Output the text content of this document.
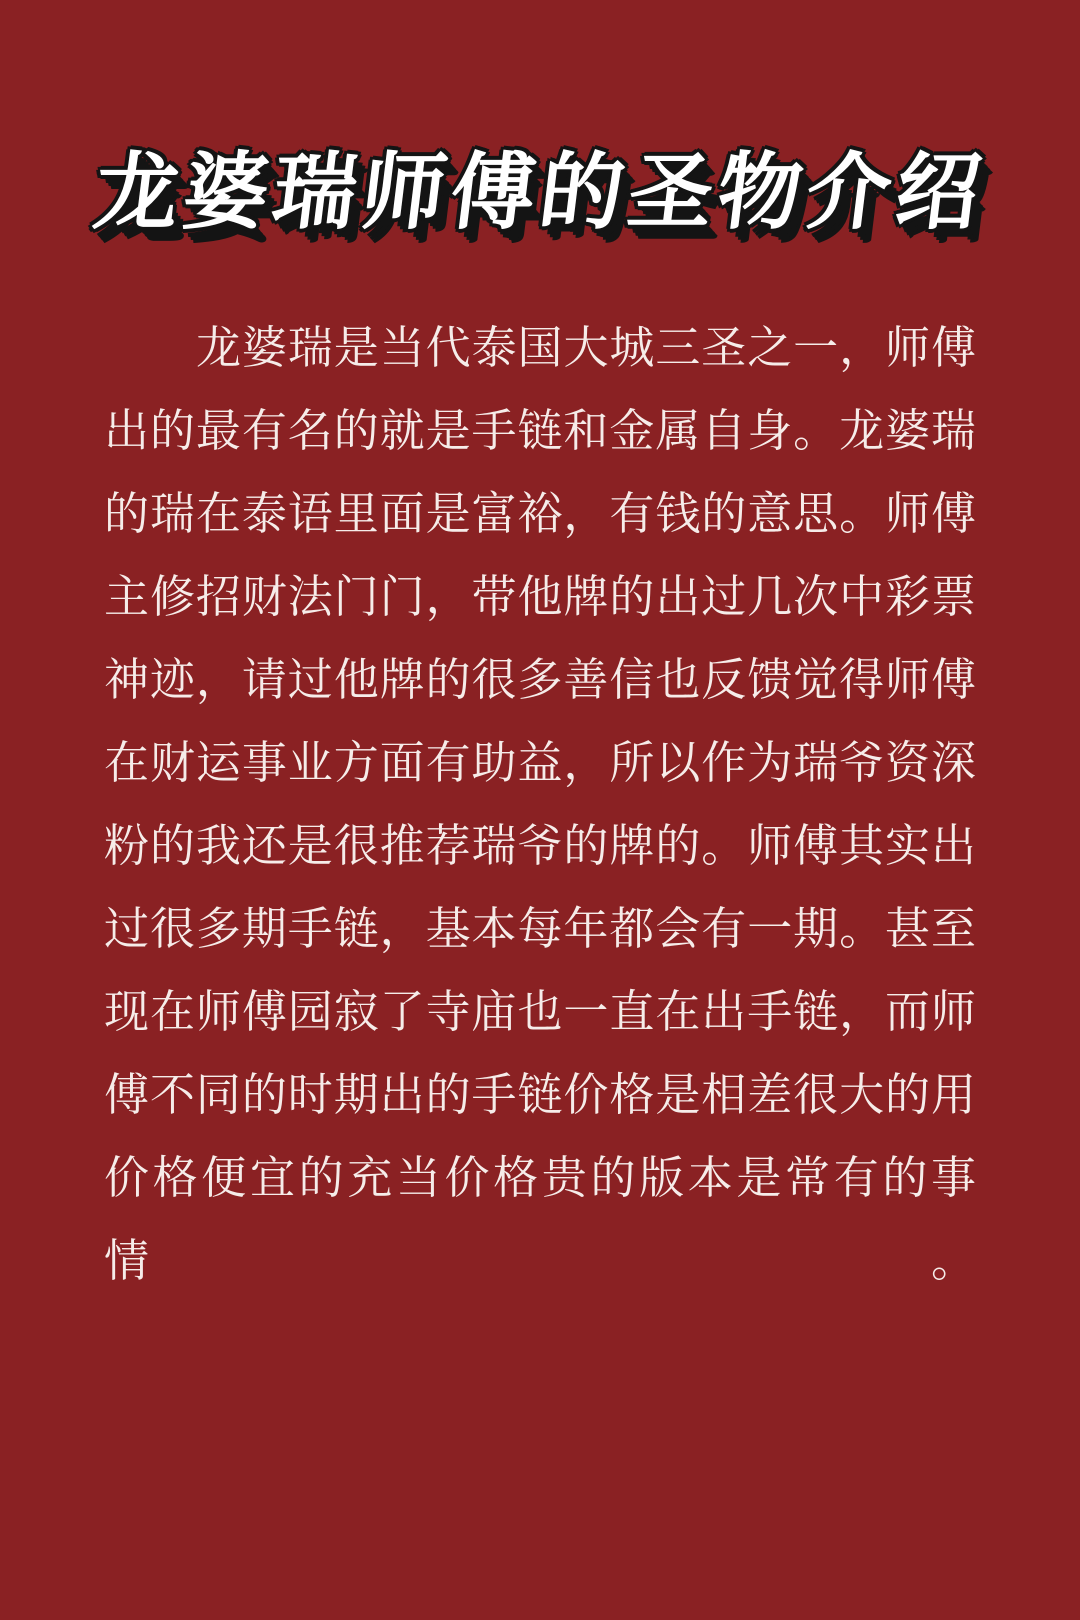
龙婆瑞师傅的圣物介绍
龙婆瑞是当代泰国大城三圣之一，师傅
出的最有名的就是手链和金属自身。龙婆瑞
的瑞在泰语里面是富裕，有钱的意思。师傅
主修招财法门门，带他牌的出过几次中彩票
神迹，请过他牌的很多善信也反馈觉得师傅
在财运事业方面有助益，所以作为瑞爷资深
粉的我还是很推荐瑞爷的牌的。师傅其实出
过很多期手链，基本每年都会有一期。甚至
现在师傅园寂了寺庙也一直在出手链，而师
傅不同的时期出的手链价格是相差很大的用
价格便宜的充当价格贵的版本是常有的事情。
